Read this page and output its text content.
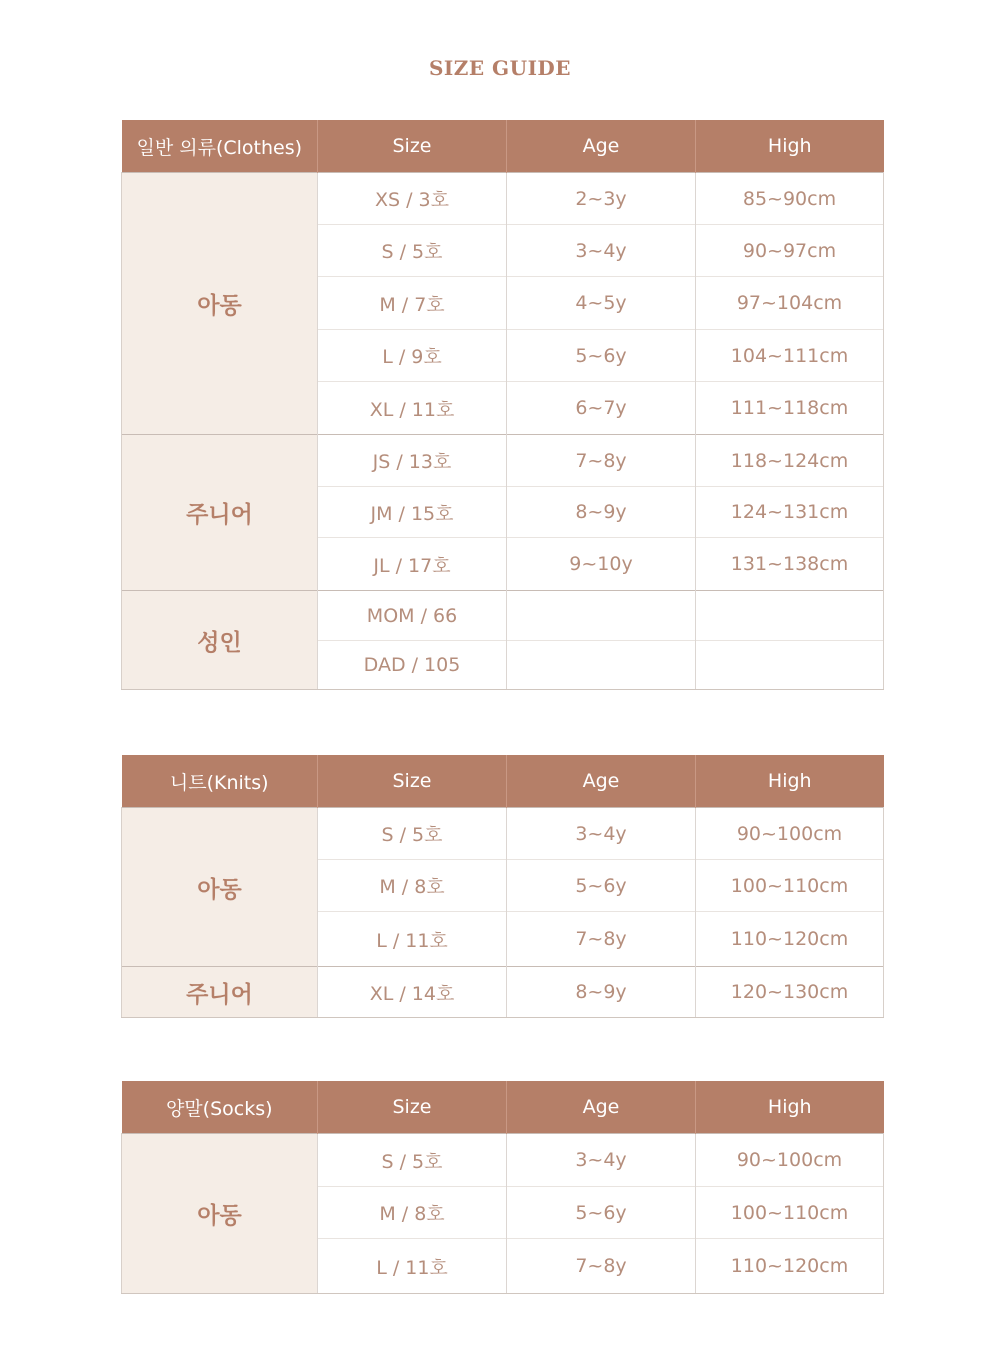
SIZE GUIDE
일반 의류(Clothes)	Size	Age	High
아동	XS / 3호	2~3y	85~90cm
	S / 5호	3~4y	90~97cm
	M / 7호	4~5y	97~104cm
	L / 9호	5~6y	104~111cm
	XL / 11호	6~7y	111~118cm
주니어	JS / 13호	7~8y	118~124cm
	JM / 15호	8~9y	124~131cm
	JL / 17호	9~10y	131~138cm
성인	MOM / 66		
	DAD / 105		
니트(Knits)	Size	Age	High
아동	S / 5호	3~4y	90~100cm
	M / 8호	5~6y	100~110cm
	L / 11호	7~8y	110~120cm
주니어	XL / 14호	8~9y	120~130cm
양말(Socks)	Size	Age	High
아동	S / 5호	3~4y	90~100cm
	M / 8호	5~6y	100~110cm
	L / 11호	7~8y	110~120cm
